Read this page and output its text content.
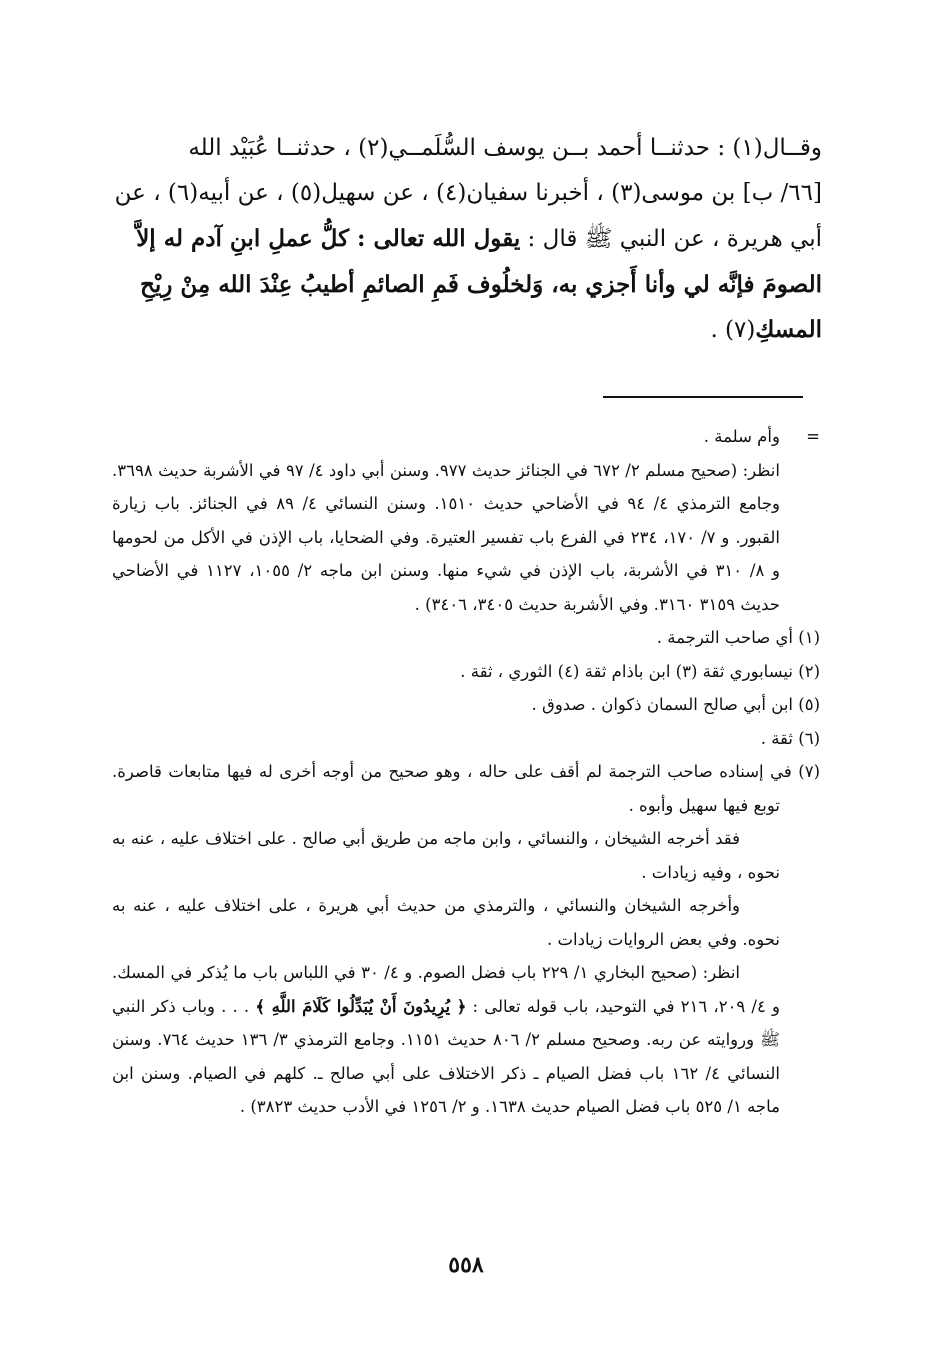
وقــال(١) : حدثنــا أحمد بــن يوسف السُّلَمــي(٢) ، حدثنــا عُبَيْد الله
[٦٦/ ب] بن موسى(٣) ، أخبرنا سفيان(٤) ، عن سهيل(٥) ، عن أبيه(٦) ، عن
أبي هريرة ، عن النبي ﷺ قال : يقول الله تعالى : كلُّ عملِ ابنِ آدم له إلاَّ
الصومَ فإنَّه لي وأنا أَجزي به، وَلخلُوف فَمِ الصائمِ أطيبُ عِنْدَ الله مِنْ رِيْحِ
المسكِ(٧) .

=     وأم سلمة .

انظر: (صحيح مسلم ٢/ ٦٧٢ في الجنائز حديث ٩٧٧. وسنن أبي داود ٤/ ٩٧ في الأشربة حديث ٣٦٩٨. وجامع الترمذي ٤/ ٩٤ في الأضاحي حديث ١٥١٠. وسنن النسائي ٤/ ٨٩ في الجنائز. باب زيارة القبور. و ٧/ ١٧٠، ٢٣٤ في الفرع باب تفسير العتيرة. وفي الضحايا، باب الإذن في الأكل من لحومها و ٨/ ٣١٠ في الأشربة، باب الإذن في شيء منها. وسنن ابن ماجه ٢/ ١٠٥٥، ١١٢٧ في الأضاحي حديث ٣١٥٩ ٣١٦٠. وفي الأشربة حديث ٣٤٠٥، ٣٤٠٦) .

(١) أي صاحب الترجمة .

(٢) نيسابوري ثقة (٣) ابن باذام ثقة (٤) الثوري ، ثقة .

(٥) ابن أبي صالح السمان ذكوان . صدوق .

(٦) ثقة .

(٧) في إسناده صاحب الترجمة لم أقف على حاله ، وهو صحيح من أوجه أخرى له فيها متابعات قاصرة. توبع فيها سهيل وأبوه .

فقد أخرجه الشيخان ، والنسائي ، وابن ماجه من طريق أبي صالح . على اختلاف عليه ، عنه به نحوه ، وفيه زيادات .

وأخرجه الشيخان والنسائي ، والترمذي من حديث أبي هريرة ، على اختلاف عليه ، عنه به نحوه. وفي بعض الروايات زيادات .

انظر: (صحيح البخاري ١/ ٢٢٩ باب فضل الصوم. و ٤/ ٣٠ في اللباس باب ما يُذكر في المسك. و ٤/ ٢٠٩، ٢١٦ في التوحيد، باب قوله تعالى : ﴿ يُرِيدُونَ أَنْ يُبَدِّلُوا كَلَامَ اللَّهِ ﴾ . . . وباب ذكر النبي ﷺ وروايته عن ربه. وصحيح مسلم ٢/ ٨٠٦ حديث ١١٥١. وجامع الترمذي ٣/ ١٣٦ حديث ٧٦٤. وسنن النسائي ٤/ ١٦٢ باب فضل الصيام ـ ذكر الاختلاف على أبي صالح ـ. كلهم في الصيام. وسنن ابن ماجه ١/ ٥٢٥ باب فضل الصيام حديث ١٦٣٨. و ٢/ ١٢٥٦ في الأدب حديث ٣٨٢٣) .

٥٥٨
